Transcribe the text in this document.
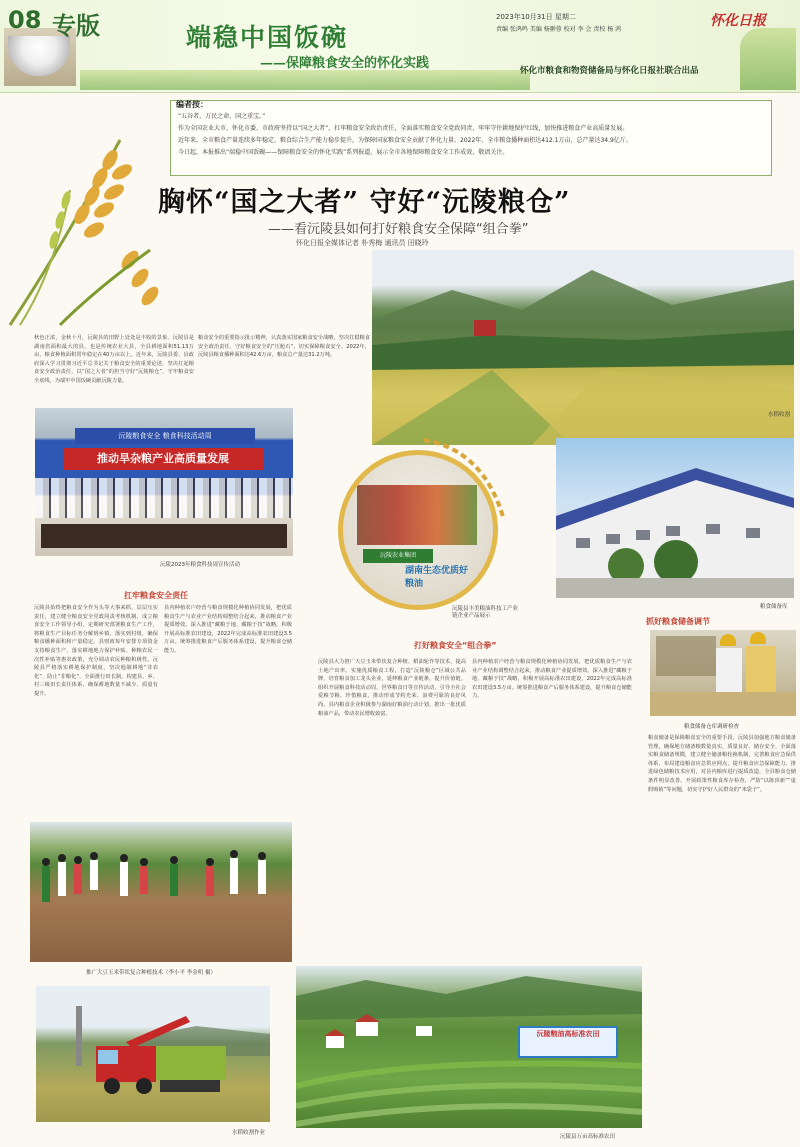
08 专版	端稳中国饭碗
——保障粮食安全的怀化实践
2023年10月31日 星期二	怀化日报
责编 张鸿鸣 美编 杨翀蓉 校对 李 会 责校 杨 鸿
怀化市粮食和物资储备局与怀化日报社联合出品
编者按：
“五谷者，万民之命，国之重宝。”
作为全国农业大市，怀化市委、市政府坚持以“国之大者”，扛牢粮食安全政治责任，全面落实粮食安全党政同责，牢牢守住耕地保护红线，加快推进粮食产业高质量发展。
近年来，全市粮食产量连续多年稳定，粮食综合生产能力稳步提升，为保障国家粮食安全贡献了怀化力量。2022年，全市粮食播种面积达412.1万亩，总产量达34.9亿斤。
今日起，本报推出“端稳中国饭碗——保障粮食安全的怀化实践”系列报道，展示全市各地保障粮食安全工作成效，敬请关注。
胸怀“国之大者” 守好“沅陵粮仓”
——看沅陵县如何打好粮食安全保障“组合拳”
怀化日报全媒体记者 朴秀梅 通讯员 田晓玲
水稻收割
秋色正浓，金秋十月，沅陵县的田野上处处是丰收的景象。沅陵县是湖南省面积最大的县，也是传统农业大县，全县耕地面积51.13万亩，粮食种植面积常年稳定在40万亩以上。近年来，沅陵县委、县政府深入学习贯彻习近平总书记关于粮食安全的重要论述，坚决扛起粮食安全政治责任，以“国之大者”的担当守好“沅陵粮仓”，守牢粮食安全底线，为端牢中国饭碗贡献沅陵力量。
粮食安全的重要指示批示精神，认真落实国家粮食安全战略，坚决扛稳粮食安全政治责任，守好粮食安全的“压舱石”，切实保障粮食安全。2022年，沅陵县粮食播种面积达42.6万亩，粮食总产量达31.2万吨。
沅陵粮食安全 粮食科技活动周
推动旱杂粮产业高质量发展
沅陵2023年粮食科技周宣传活动
沅陵农业集团
湖南生态优质好粮油
沅陵县丰美粮油科技工产业链企业产品展示
粮食储备库
扛牢粮食安全责任
打好粮食安全“组合拳”
抓好粮食储备调节
沅陵县始终把粮食安全作为头等大事来抓，层层压实责任，建立健全粮食安全党政同责考核机制，成立粮食安全工作领导小组，定期研究部署粮食生产工作，将粮食生产目标任务分解到乡镇、落实到村组，确保粮食播种面积和产量稳定。县财政每年安排专项资金支持粮食生产，落实耕地地力保护补贴、种粮农民一次性补贴等惠农政策，充分调动农民种粮积极性。沅陵县严格落实耕地保护制度，坚决遏制耕地“非农化”、防止“非粮化”，全面推行田长制，构建县、乡、村三级田长责任体系，确保耕地数量不减少、质量有提升。
县内种植农户经营与粮食规模化种植协同发展，把优质粮食生产与农业产业结构调整结合起来，推动粮食产业提质增效。深入推进“藏粮于地、藏粮于技”战略，积极开展高标准农田建设，2022年完成高标准农田建设3.5万亩。统筹推进粮食产后服务体系建设，提升粮食仓储能力。
沅陵县大力推广大豆玉米带状复合种植、稻油轮作等技术，提高土地产出率。实施优质粮食工程，打造“沅陵粮仓”区域公共品牌，培育粮食加工龙头企业，延伸粮食产业链条，提升价值链。组织开展粮食科技活动周、世界粮食日等宣传活动，引导全社会爱粮节粮、珍惜粮食，推动形成节约光荣、浪费可耻的良好风尚。县内粮食企业积极参与湖南好粮油行动计划，推出一批优质粮油产品，带动农民增收致富。
县内种植农户经营与粮食规模化种植协同发展，把优质粮食生产与农业产业结构调整结合起来，推动粮食产业提质增效。深入推进“藏粮于地、藏粮于技”战略，积极开展高标准农田建设，2022年完成高标准农田建设3.5万亩。统筹推进粮食产后服务体系建设，提升粮食仓储能力。
粮食储备仓库调研检查
粮食储备是保障粮食安全的重要手段。沅陵县加强地方粮食储备管理，确保地方储备粮数量真实、质量良好、储存安全。全面落实粮食储备规模，建立健全储备粮轮换机制，完善粮食应急保供体系，布局建设粮食应急供应网点，提升粮食应急保障能力。推进绿色储粮技术应用，对县内粮库进行提质改造，全县粮食仓储条件明显改善。开展政策性粮食库存检查，严防“以陈顶新”“虚假购销”等问题，切实守护好人民群众的“米袋子”。
推广大豆玉米带状复合种植技术（李小平 李金明 摄）
水稻收割作业
沅陵粮油高标准农田
沅陵县万亩高标准农田
